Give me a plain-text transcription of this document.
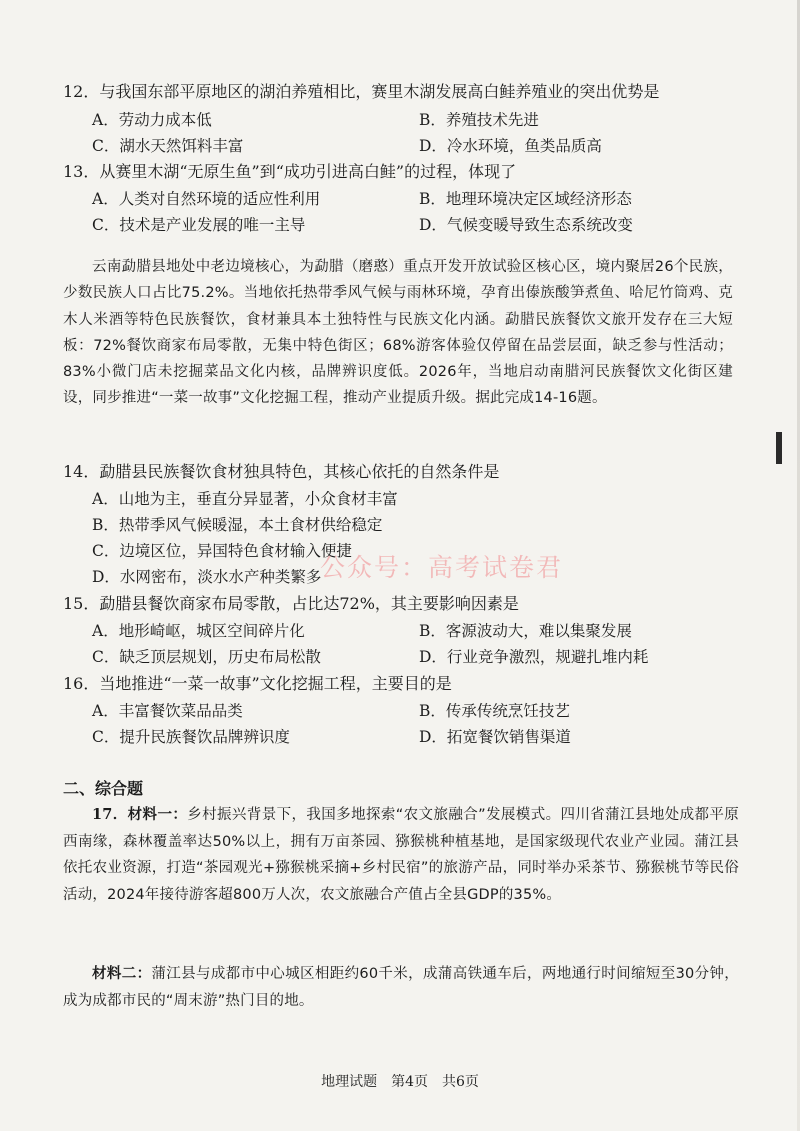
12．与我国东部平原地区的湖泊养殖相比，赛里木湖发展高白鲑养殖业的突出优势是
A．劳动力成本低	B．养殖技术先进
C．湖水天然饵料丰富	D．冷水环境，鱼类品质高
13．从赛里木湖“无原生鱼”到“成功引进高白鲑”的过程，体现了
A．人类对自然环境的适应性利用	B．地理环境决定区域经济形态
C．技术是产业发展的唯一主导	D．气候变暖导致生态系统改变
云南勐腊县地处中老边境核心，为勐腊（磨憨）重点开发开放试验区核心区，境内聚居26个民族，少数民族人口占比75.2%。当地依托热带季风气候与雨林环境，孕育出傣族酸笋煮鱼、哈尼竹筒鸡、克木人米酒等特色民族餐饮，食材兼具本土独特性与民族文化内涵。勐腊民族餐饮文旅开发存在三大短板：72%餐饮商家布局零散，无集中特色街区；68%游客体验仅停留在品尝层面，缺乏参与性活动；83%小微门店未挖掘菜品文化内核，品牌辨识度低。2026年，当地启动南腊河民族餐饮文化街区建设，同步推进“一菜一故事”文化挖掘工程，推动产业提质升级。据此完成14-16题。
14．勐腊县民族餐饮食材独具特色，其核心依托的自然条件是
A．山地为主，垂直分异显著，小众食材丰富
B．热带季风气候暖湿，本土食材供给稳定
C．边境区位，异国特色食材输入便捷
D．水网密布，淡水水产种类繁多
15．勐腊县餐饮商家布局零散，占比达72%，其主要影响因素是
A．地形崎岖，城区空间碎片化	B．客源波动大，难以集聚发展
C．缺乏顶层规划，历史布局松散	D．行业竞争激烈，规避扎堆内耗
16．当地推进“一菜一故事”文化挖掘工程，主要目的是
A．丰富餐饮菜品品类	B．传承传统烹饪技艺
C．提升民族餐饮品牌辨识度	D．拓宽餐饮销售渠道
二、综合题
17．材料一：乡村振兴背景下，我国多地探索“农文旅融合”发展模式。四川省蒲江县地处成都平原西南缘，森林覆盖率达50%以上，拥有万亩茶园、猕猴桃种植基地，是国家级现代农业产业园。蒲江县依托农业资源，打造“茶园观光+猕猴桃采摘+乡村民宿”的旅游产品，同时举办采茶节、猕猴桃节等民俗活动，2024年接待游客超800万人次，农文旅融合产值占全县GDP的35%。
材料二：蒲江县与成都市中心城区相距约60千米，成蒲高铁通车后，两地通行时间缩短至30分钟，成为成都市民的“周末游”热门目的地。
公众号：高考试卷君
地理试题　第4页　共6页
